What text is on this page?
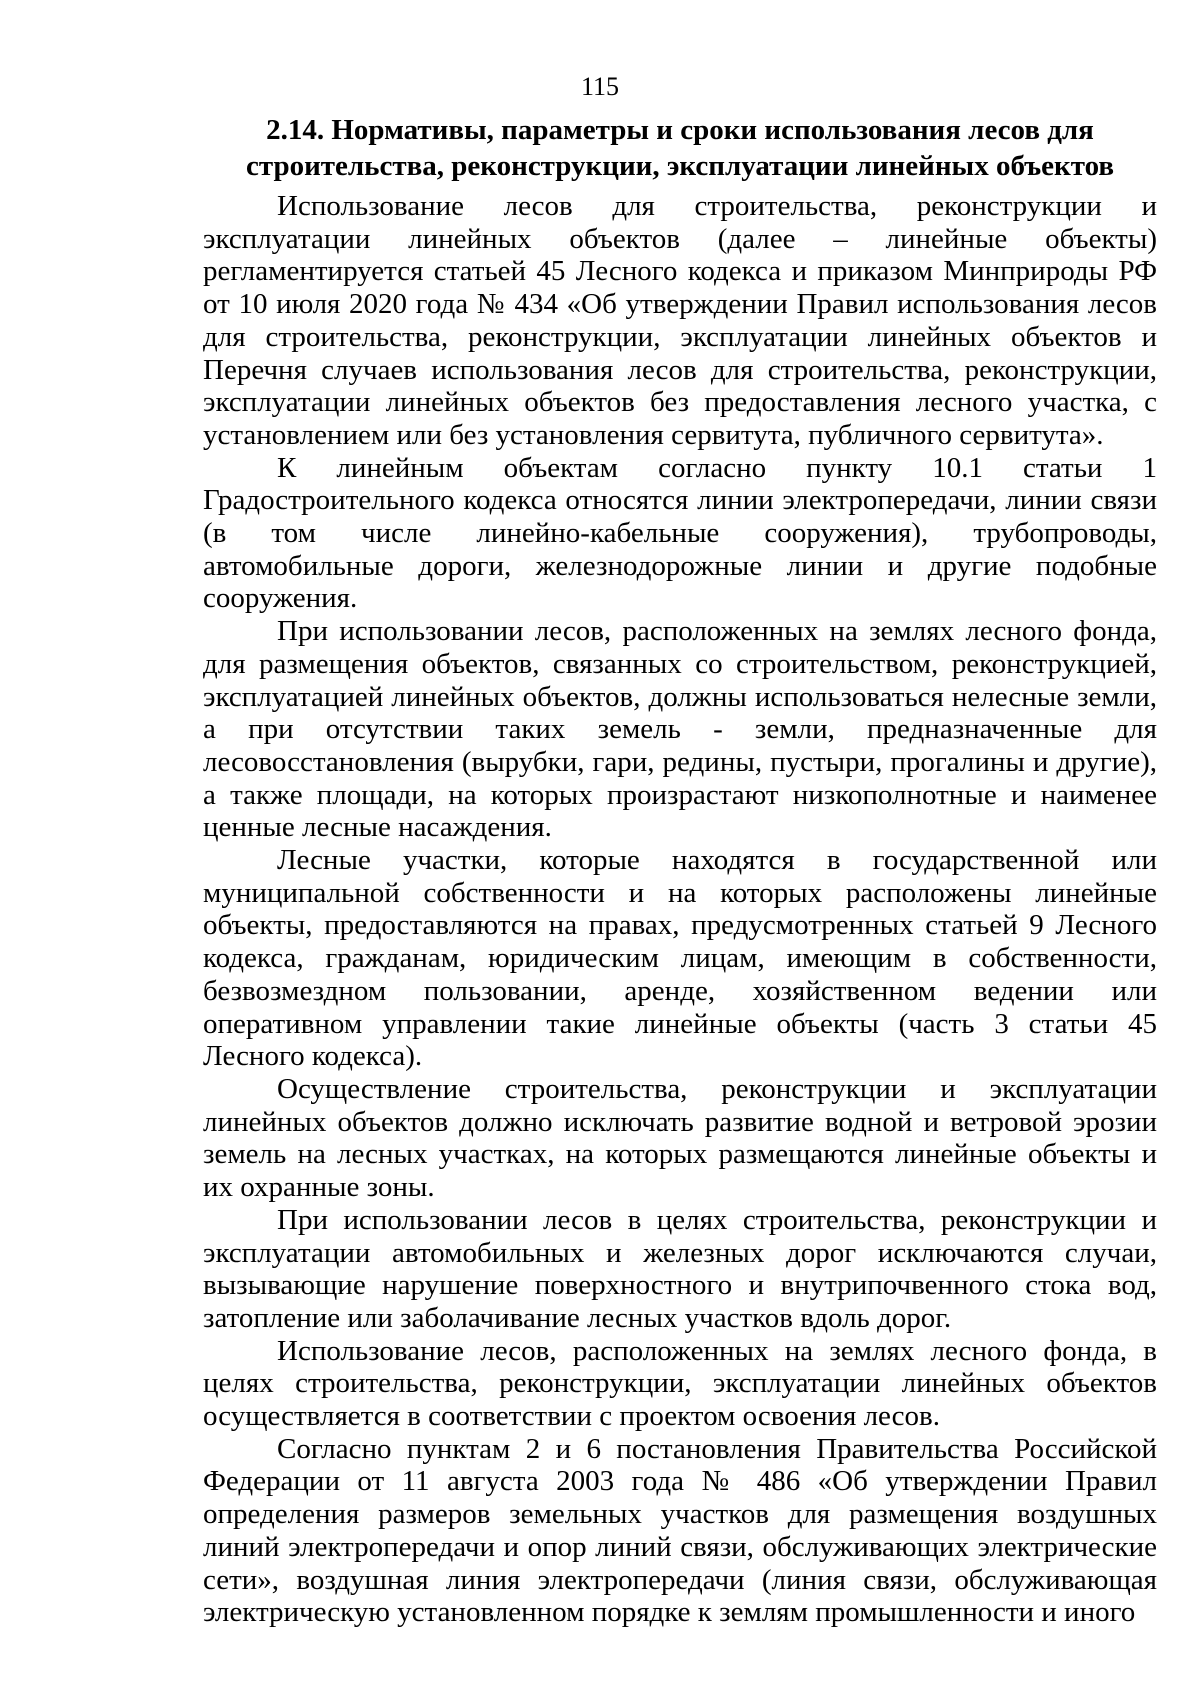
115
2.14. Нормативы, параметры и сроки использования лесов для
строительства, реконструкции, эксплуатации линейных объектов

Использование лесов для строительства, реконструкции и эксплуатации линейных объектов (далее – линейные объекты) регламентируется статьей 45 Лесного кодекса и приказом Минприроды РФ от 10 июля 2020 года № 434 «Об утверждении Правил использования лесов для строительства, реконструкции, эксплуатации линейных объектов и Перечня случаев использования лесов для строительства, реконструкции, эксплуатации линейных объектов без предоставления лесного участка, с установлением или без установления сервитута, публичного сервитута».

К линейным объектам согласно пункту 10.1 статьи 1 Градостроительного кодекса относятся линии электропередачи, линии связи (в том числе линейно-кабельные сооружения), трубопроводы, автомобильные дороги, железнодорожные линии и другие подобные сооружения.

При использовании лесов, расположенных на землях лесного фонда, для размещения объектов, связанных со строительством, реконструкцией, эксплуатацией линейных объектов, должны использоваться нелесные земли, а при отсутствии таких земель - земли, предназначенные для лесовосстановления (вырубки, гари, редины, пустыри, прогалины и другие), а также площади, на которых произрастают низкополнотные и наименее ценные лесные насаждения.

Лесные участки, которые находятся в государственной или муниципальной собственности и на которых расположены линейные объекты, предоставляются на правах, предусмотренных статьей 9 Лесного кодекса, гражданам, юридическим лицам, имеющим в собственности, безвозмездном пользовании, аренде, хозяйственном ведении или оперативном управлении такие линейные объекты (часть 3 статьи 45 Лесного кодекса).

Осуществление строительства, реконструкции и эксплуатации линейных объектов должно исключать развитие водной и ветровой эрозии земель на лесных участках, на которых размещаются линейные объекты и их охранные зоны.

При использовании лесов в целях строительства, реконструкции и эксплуатации автомобильных и железных дорог исключаются случаи, вызывающие нарушение поверхностного и внутрипочвенного стока вод, затопление или заболачивание лесных участков вдоль дорог.

Использование лесов, расположенных на землях лесного фонда, в целях строительства, реконструкции, эксплуатации линейных объектов осуществляется в соответствии с проектом освоения лесов.

Согласно пунктам 2 и 6 постановления Правительства Российской Федерации от 11 августа 2003 года № 486 «Об утверждении Правил определения размеров земельных участков для размещения воздушных линий электропередачи и опор линий связи, обслуживающих электрические сети», воздушная линия электропередачи (линия связи, обслуживающая электрическую установленном порядке к землям промышленности и иного
